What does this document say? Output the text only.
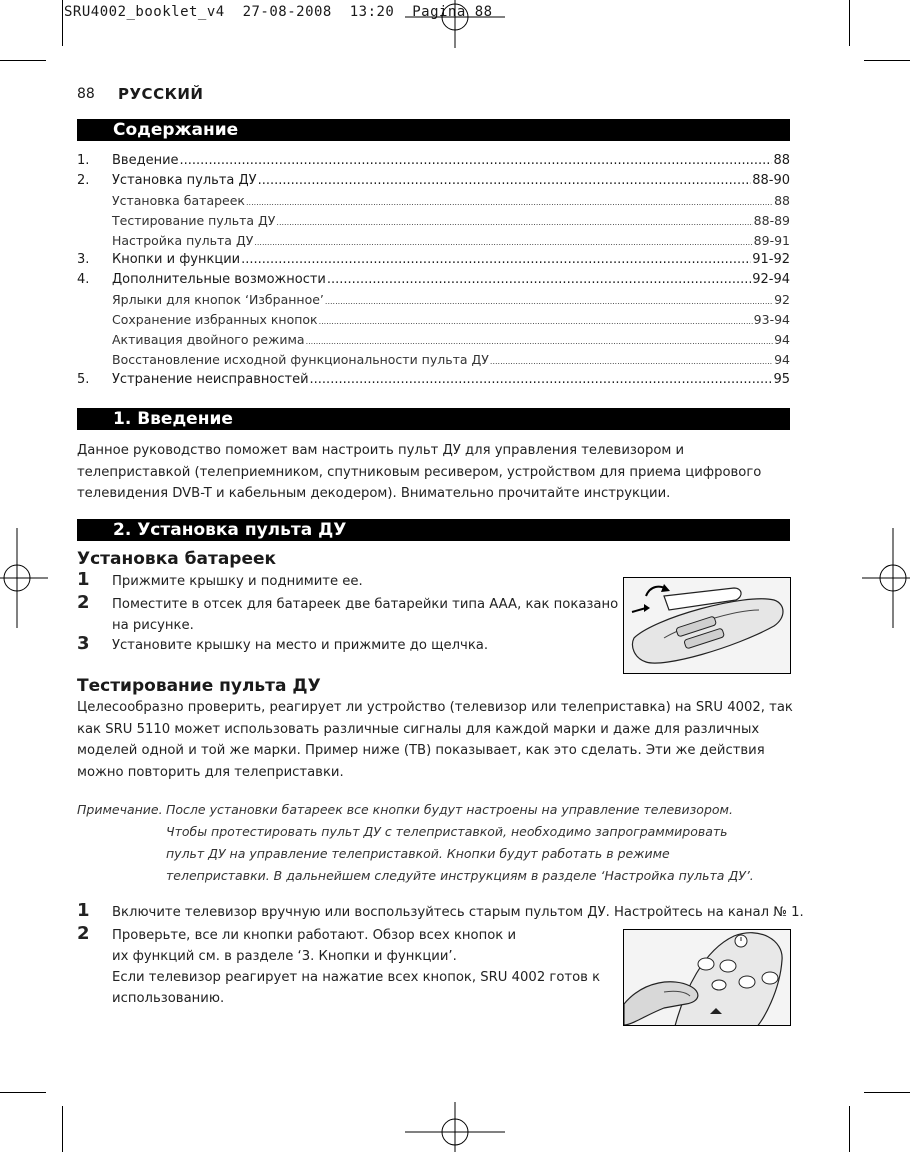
SRU4002_booklet_v4  27-08-2008  13:20  Pagina 88
88 РУССКИЙ
Содержание
1.	Введение .....	88
2.	Установка пульта ДУ .....	88-90
Установка батареек .....	88
Тестирование пульта ДУ .....	88-89
Настройка пульта ДУ .....	89-91
3.	Кнопки и функции .....	91-92
4.	Дополнительные возможности .....	92-94
Ярлыки для кнопок ‘Избранное’ .....	92
Сохранение избранных кнопок .....	93-94
Активация двойного режима .....	94
Восстановление исходной функциональности пульта ДУ .....	94
5.	Устранение неисправностей .....	95
1. Введение
Данное руководство поможет вам настроить пульт ДУ для управления телевизором и
телеприставкой (телеприемником, спутниковым ресивером, устройством для приема цифрового
телевидения DVB-T и кабельным декодером). Внимательно прочитайте инструкции.
2. Установка пульта ДУ
Установка батареек
1 Прижмите крышку и поднимите ее.
2 Поместите в отсек для батареек две батарейки типа AAA, как показано
на рисунке.
3 Установите крышку на место и прижмите до щелчка.
Тестирование пульта ДУ
Целесообразно проверить, реагирует ли устройство (телевизор или телеприставка) на SRU 4002, так
как SRU 5110 может использовать различные сигналы для каждой марки и даже для различных
моделей одной и той же марки. Пример ниже (ТВ) показывает, как это сделать. Эти же действия
можно повторить для телеприставки.
Примечание. После установки батареек все кнопки будут настроены на управление телевизором.
Чтобы протестировать пульт ДУ с телеприставкой, необходимо запрограммировать
пульт ДУ на управление телеприставкой. Кнопки будут работать в режиме
телеприставки. В дальнейшем следуйте инструкциям в разделе ‘Настройка пульта ДУ’.
1 Включите телевизор вручную или воспользуйтесь старым пультом ДУ. Настройтесь на канал № 1.
2 Проверьте, все ли кнопки работают. Обзор всех кнопок и
их функций см. в разделе ‘3. Кнопки и функции’.
Если телевизор реагирует на нажатие всех кнопок, SRU 4002 готов к
использованию.
